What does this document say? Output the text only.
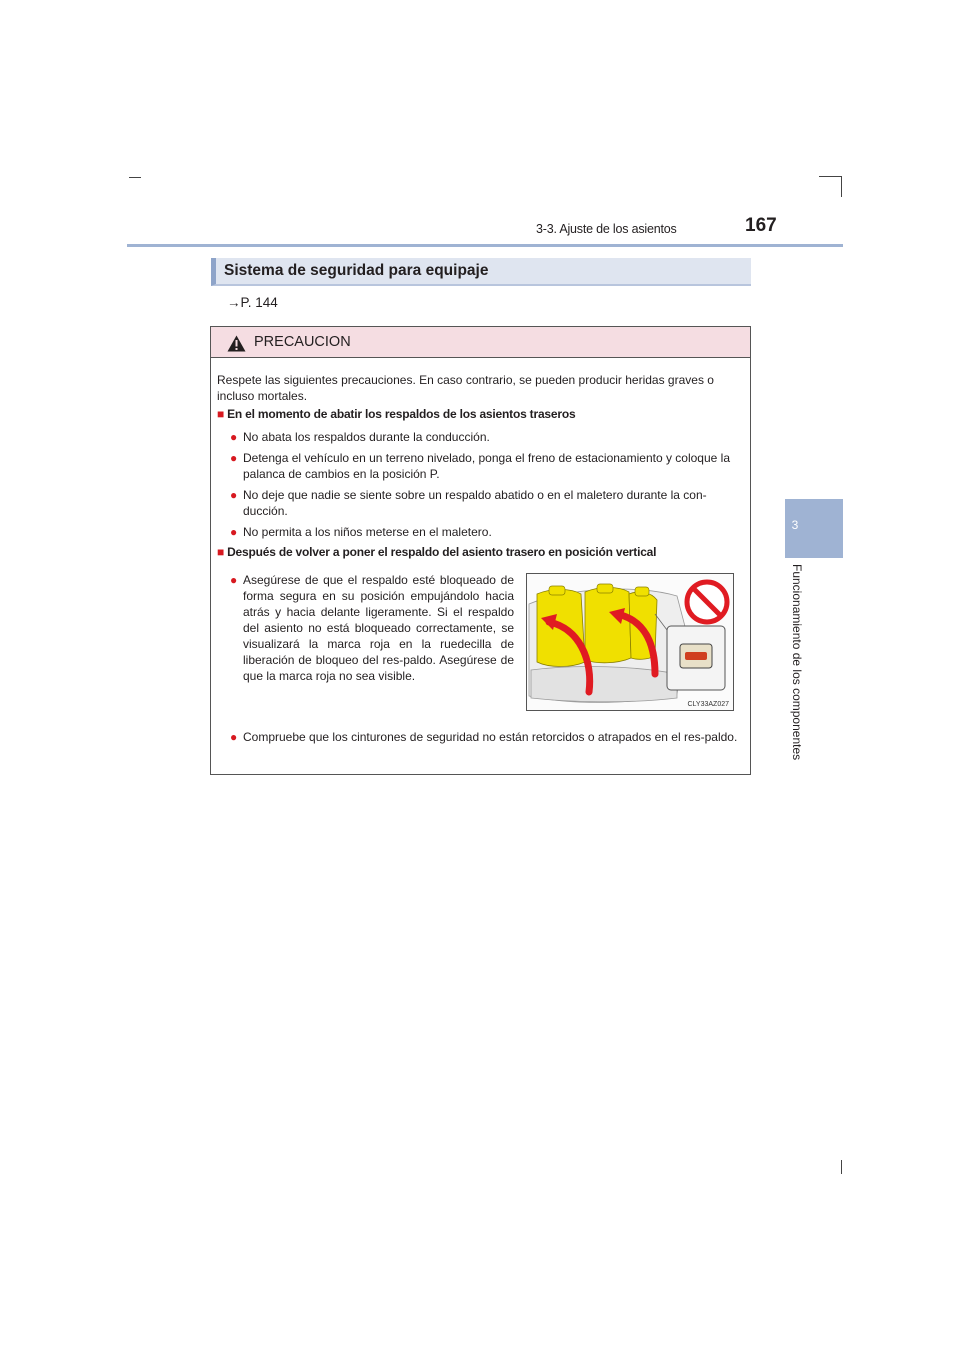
3-3. Ajuste de los asientos	167
3
Funcionamiento de los componentes
Sistema de seguridad para equipaje
→P. 144
PRECAUCION
Respete las siguientes precauciones. En caso contrario, se pueden producir heridas graves o incluso mortales.
■ En el momento de abatir los respaldos de los asientos traseros
● No abata los respaldos durante la conducción.
● Detenga el vehículo en un terreno nivelado, ponga el freno de estacionamiento y coloque la palanca de cambios en la posición P.
● No deje que nadie se siente sobre un respaldo abatido o en el maletero durante la con-ducción.
● No permita a los niños meterse en el maletero.
■ Después de volver a poner el respaldo del asiento trasero en posición vertical
● Asegúrese de que el respaldo esté bloqueado de forma segura en su posición empujándolo hacia atrás y hacia delante ligeramente. Si el respaldo del asiento no está bloqueado correctamente, se visualizará la marca roja en la ruedecilla de liberación de bloqueo del res-paldo. Asegúrese de que la marca roja no sea visible.
CLY33AZ027
● Compruebe que los cinturones de seguridad no están retorcidos o atrapados en el res-paldo.
